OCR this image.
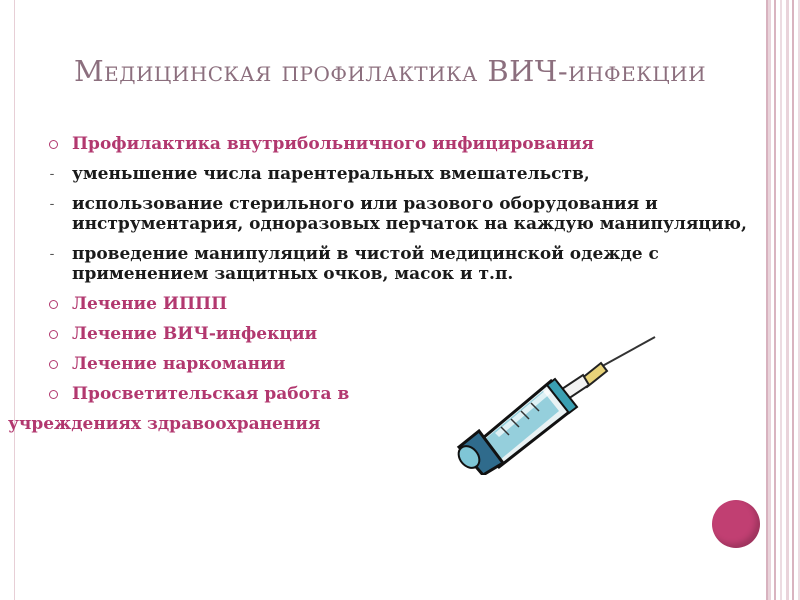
Медицинская профилактика ВИЧ-инфекции
Профилактика внутрибольничного инфицирования
-	уменьшение числа парентеральных вмешательств,
-	использование стерильного или разового оборудования и инструментария, одноразовых перчаток на каждую манипуляцию,
-	проведение манипуляций в чистой медицинской одежде с применением защитных очков, масок и т.п.
Лечение ИППП
Лечение ВИЧ-инфекции
Лечение наркомании
Просветительская работа в
учреждениях здравоохранения
